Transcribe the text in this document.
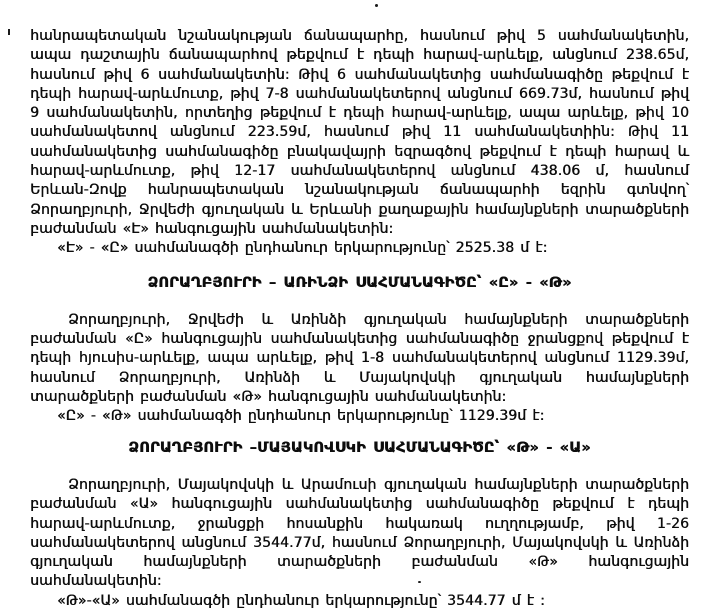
հանրապետական նշանակության ճանապարհը, հասնում թիվ 5 սահմանակետին, ապա դաշտային ճանապարհով թեքվում է դեպի հարավ-արևելք, անցնում 238.65մ, հասնում թիվ 6 սահմանակետին: Թիվ 6 սահմանակետից սահմանագիծը թեքվում է դեպի հարավ-արևմուտք, թիվ 7-8 սահմանակետերով անցնում 669.73մ, հասնում թիվ 9 սահմանակետին, որտեղից թեքվում է դեպի հարավ-արևելք, ապա արևելք, թիվ 10 սահմանակետով անցնում 223.59մ, հասնում թիվ 11 սահմանակետիին: Թիվ 11 սահմանակետից սահմանագիծը բնակավայրի եզրագծով թեքվում է դեպի հարավ և հարավ-արևմուտք, թիվ 12-17 սահմանակետերով անցնում 438.06 մ, հասնում Երևան-Զովք հանրապետական նշանակության ճանապարհի եզրին գտնվող՝ Ձորաղբյուրի, Ջրվեժի գյուղական և Երևանի քաղաքային համայնքների տարածքների բաժանման «Է» հանգուցային սահմանակետին:

«Է» - «Ը» սահմանագծի ընդհանուր երկարությունը՝ 2525.38 մ է:

ՁՈՐԱՂԲՅՈՒՐԻ – ԱՌԻՆՁԻ ՍԱՀՄԱՆԱԳԻԾԸ՝ «Ը» - «Թ»

Ձորաղբյուրի, Ջրվեժի և Առինձի գյուղական համայնքների տարածքների բաժանման «Ը» հանգուցային սահմանակետից սահմանագիծը ջրանցքով թեքվում է դեպի հյուսիս-արևելք, ապա արևելք, թիվ 1-8 սահմանակետերով անցնում 1129.39մ, հասնում Ձորաղբյուրի, Առինձի և Մայակովսկի գյուղական համայնքների տարածքների բաժանման «Թ» հանգուցային սահմանակետին:

«Ը» - «Թ» սահմանագծի ընդհանուր երկարությունը՝ 1129.39մ է:

ՁՈՐԱՂԲՅՈՒՐԻ –ՄԱՅԱԿՈՎՍԿԻ ՍԱՀՄԱՆԱԳԻԾԸ՝ «Թ» - «Ա»

Ձորաղբյուրի, Մայակովսկի և Արամուսի գյուղական համայնքների տարածքների բաժանման «Ա» հանգուցային սահմանակետից սահմանագիծը թեքվում է դեպի հարավ-արևմուտք, ջրանցքի հոսանքին հակառակ ուղղությամբ, թիվ 1-26 սահմանակետերով անցնում 3544.77մ, հասնում Ձորաղբյուրի, Մայակովսկի և Առինձի գյուղական համայնքների տարածքների բաժանման «Թ» հանգուցային սահմանակետին:

«Թ»-«Ա» սահմանագծի ընդհանուր երկարությունը՝ 3544.77 մ է :
